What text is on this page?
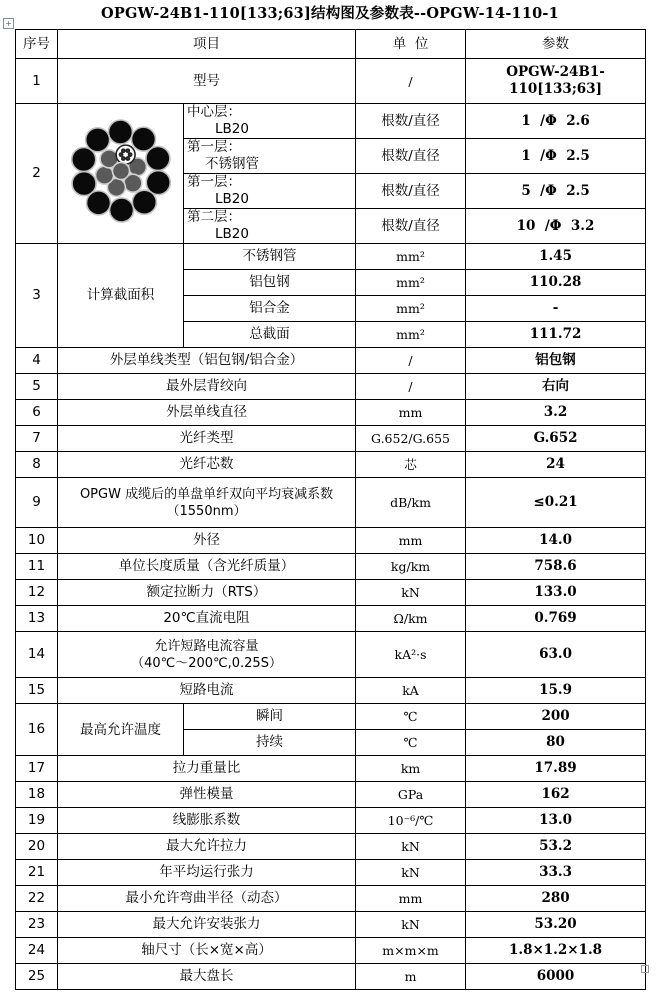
OPGW-24B1-110[133;63]结构图及参数表--OPGW-14-110-1
+
序号	项目		单  位	参数
1	型号		/	OPGW-24B1-110[133;63]
2		中心层：LB20	根数/直径	1  /Φ  2.6
		第一层：不锈钢管	根数/直径	1  /Φ  2.5
		第一层：LB20	根数/直径	5  /Φ  2.5
		第二层：LB20	根数/直径	10  /Φ  3.2
3	计算截面积	不锈钢管	mm²	1.45
		铝包钢	mm²	110.28
		铝合金	mm²	-
		总截面	mm²	111.72
4	外层单线类型（铝包钢/铝合金）		/	铝包钢
5	最外层背绞向		/	右向
6	外层单线直径		mm	3.2
7	光纤类型		G.652/G.655	G.652
8	光纤芯数		芯	24
9	OPGW 成缆后的单盘单纤双向平均衰减系数
（1550nm）		dB/km	≤0.21
10	外径		mm	14.0
11	单位长度质量（含光纤质量）		kg/km	758.6
12	额定拉断力（RTS）		kN	133.0
13	20℃直流电阻		Ω/km	0.769
14	允许短路电流容量
（40℃～200℃,0.25S）		kA²·s	63.0
15	短路电流		kA	15.9
16	最高允许温度	瞬间	℃	200
		持续	℃	80
17	拉力重量比		km	17.89
18	弹性模量		GPa	162
19	线膨胀系数		10⁻⁶/℃	13.0
20	最大允许拉力		kN	53.2
21	年平均运行张力		kN	33.3
22	最小允许弯曲半径（动态）		mm	280
23	最大允许安装张力		kN	53.20
24	轴尺寸（长×宽×高）		m×m×m	1.8×1.2×1.8
25	最大盘长		m	6000
